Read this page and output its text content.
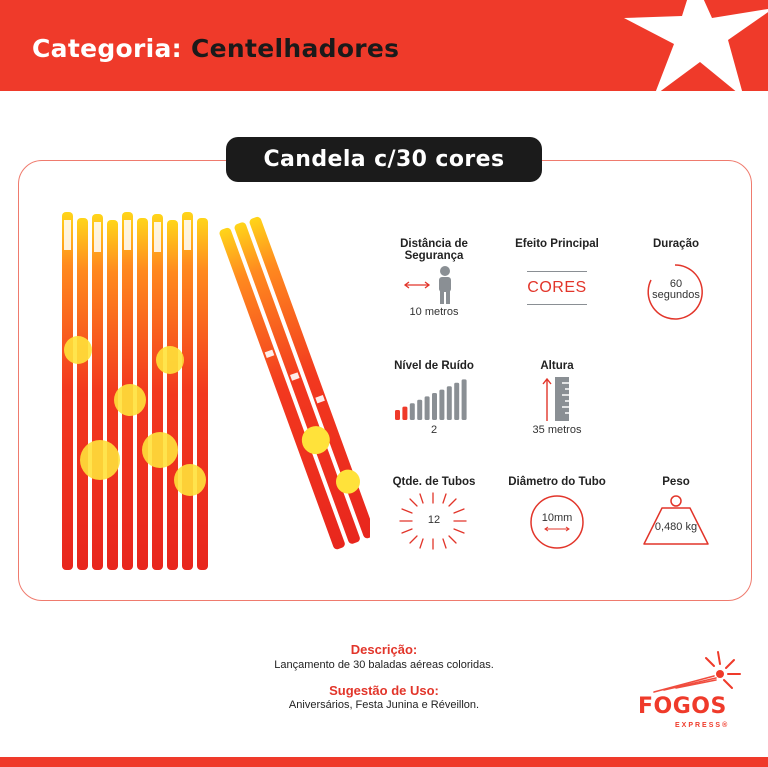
Categoria: Centelhadores
Candela c/30 cores
Distância de
Segurança
10 metros
Efeito Principal
CORES
Duração
60
segundos
Nível de Ruído
2
Altura
35 metros
Qtde. de Tubos
12
Diâmetro do Tubo
10mm
Peso
0,480 kg
Descrição:
Lançamento de 30 baladas aéreas coloridas.
Sugestão de Uso:
Aniversários, Festa Junina e Réveillon.	FOGOS
EXPRESS®
